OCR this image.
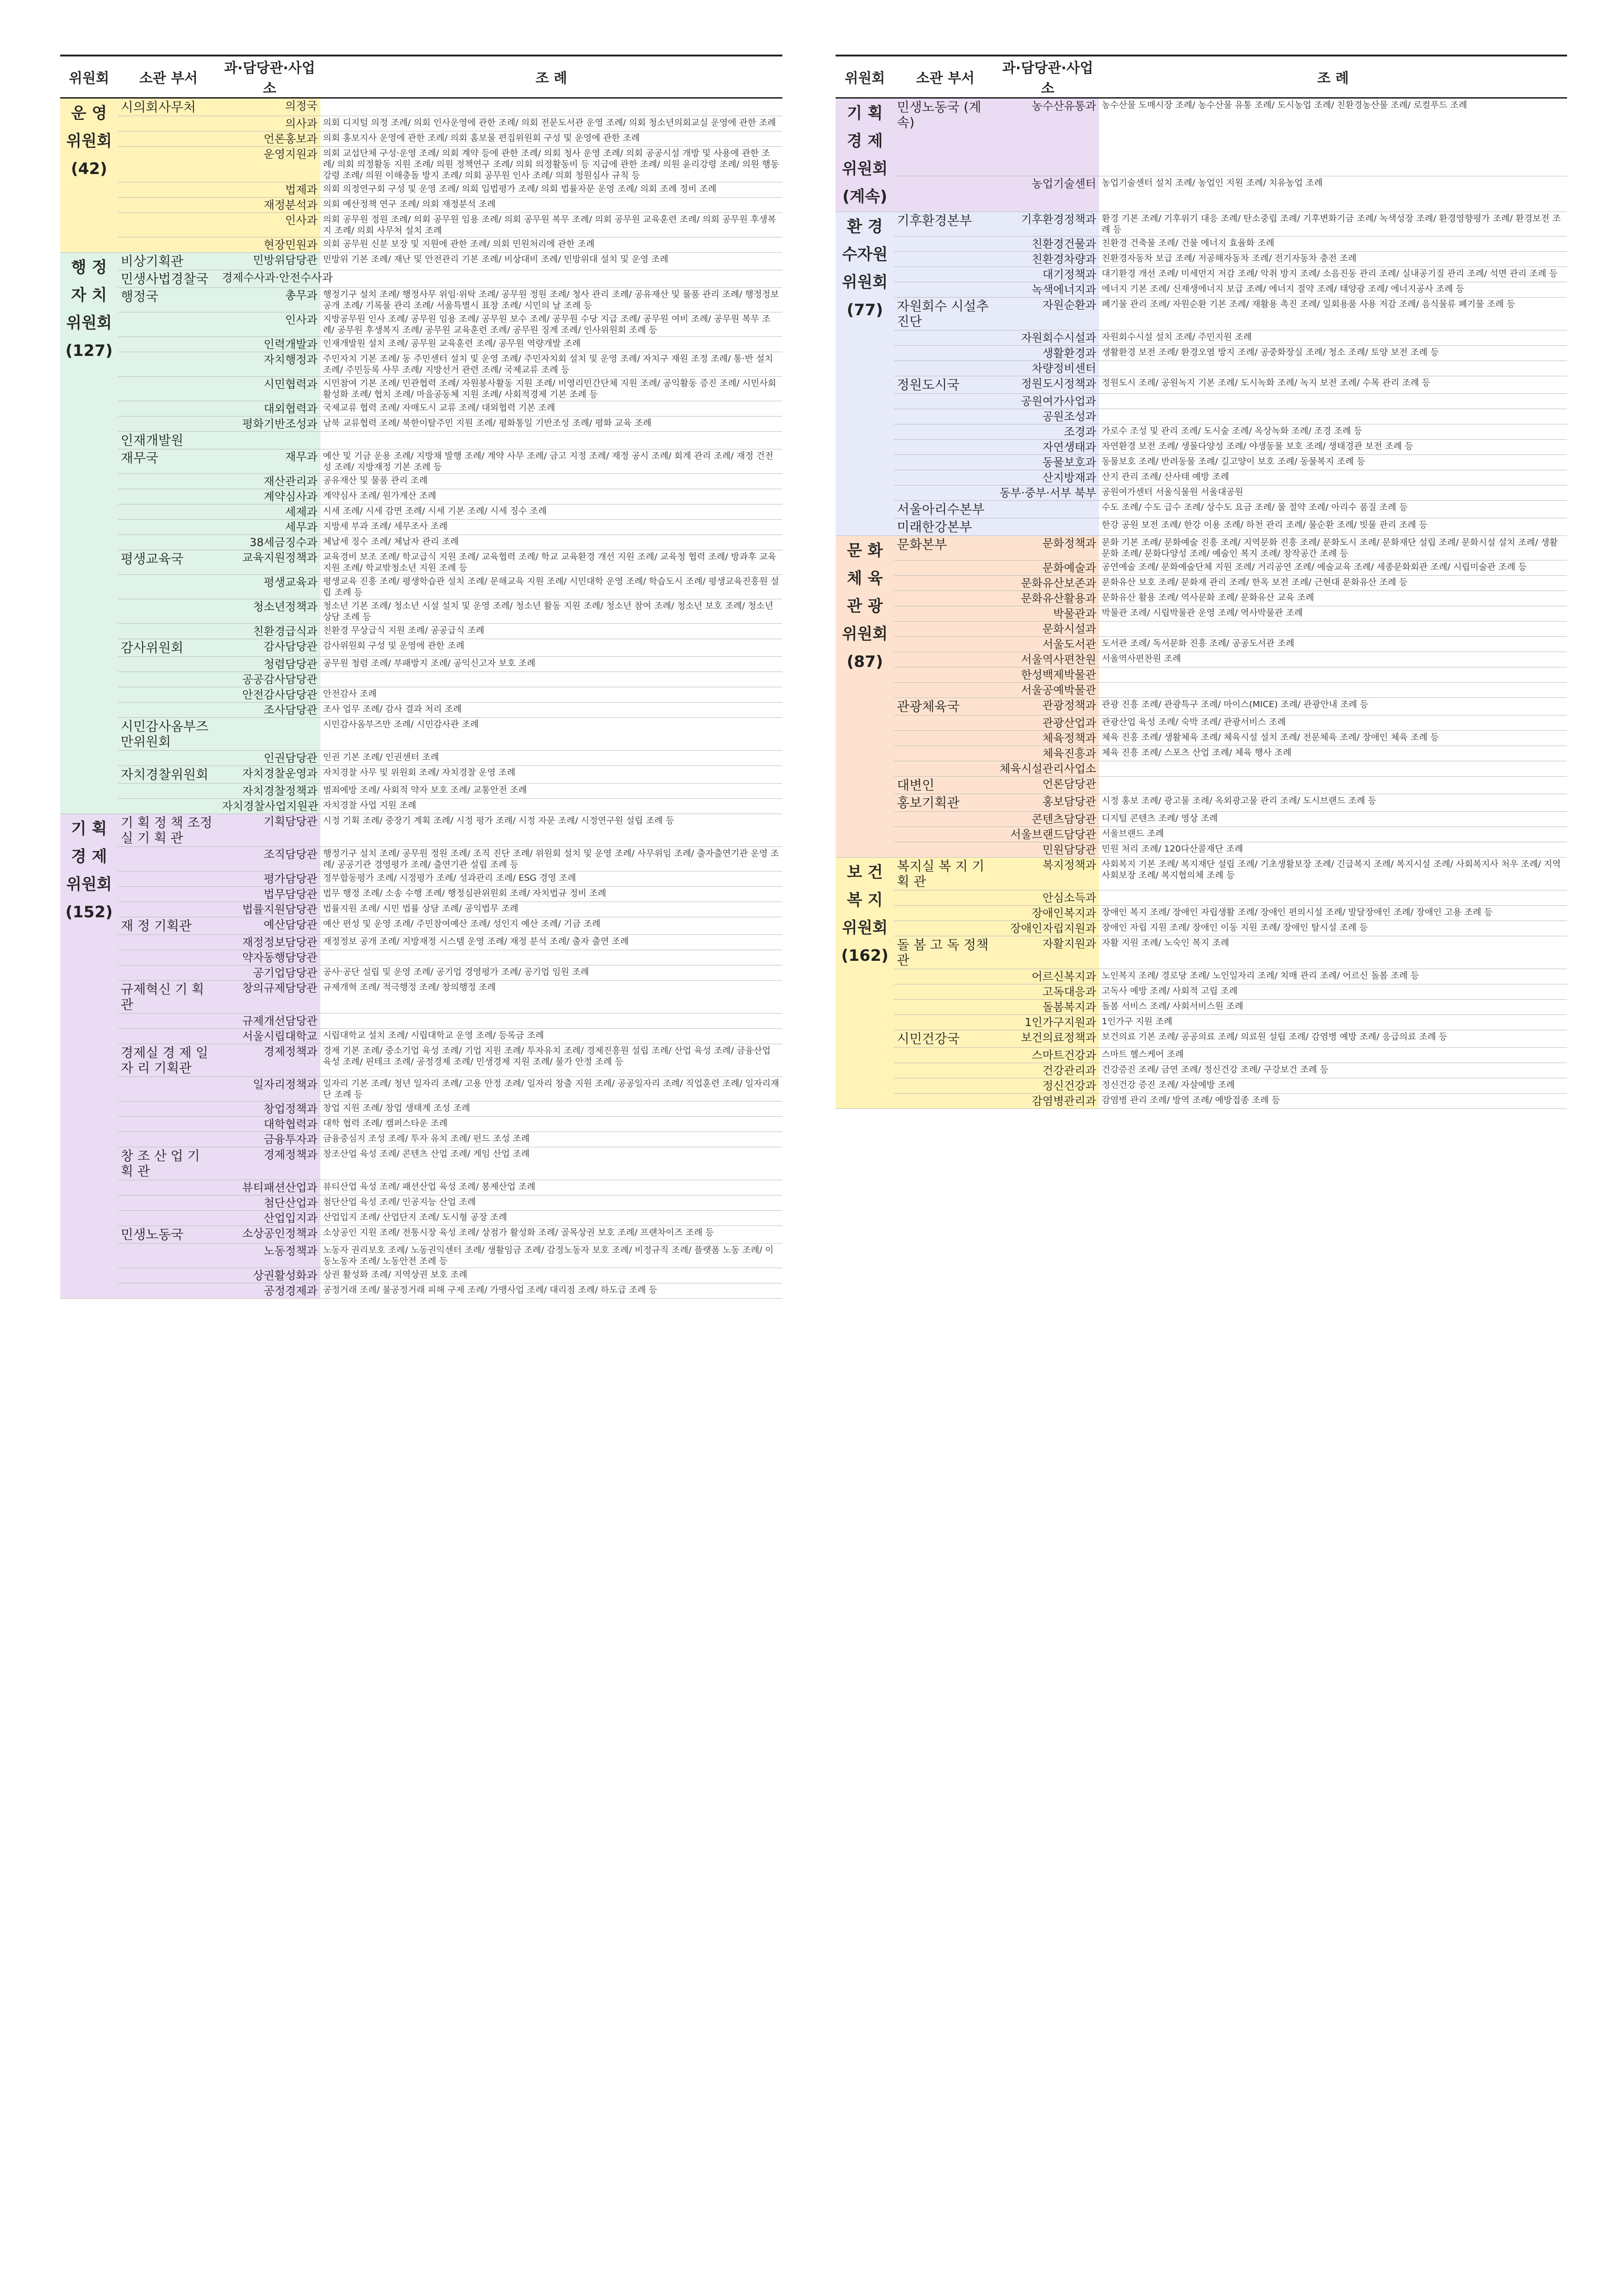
위원회	소관 부서	과·담당관·사업소	조 례
운 영 위원회 (42)	시의회사무처	의정국	
		의사과	의회 디지털 의정 조례/ 의회 인사운영에 관한 조례/ 의회 전문도서관 운영 조례/ 의회 청소년의회교실 운영에 관한 조례
		언론홍보과	의회 홍보지사 운영에 관한 조례/ 의회 홈보물 편집위원회 구성 및 운영에 관한 조례
		운영지원과	의회 교섭단체 구성·운영 조례/ 의회 계약 등에 관한 조례/ 의회 청사 운영 조례/ 의회 공공시설 개방 및 사용에 관한 조례/ 의회 의정활동 지원 조례/ 의원 정책연구 조례/ 의회 의정활동비 등 지급에 관한 조례/ 의원 윤리강령 조례/ 의원 행동강령 조례/ 의원 이해충돌 방지 조례/ 의회 공무원 인사 조례/ 의회 청원심사 규칙 등
		법제과	의회 의정연구회 구성 및 운영 조례/ 의회 입법평가 조례/ 의회 법률자문 운영 조례/ 의회 조례 정비 조례
		재정분석과	의회 예산정책 연구 조례/ 의회 재정분석 조례
		인사과	의회 공무원 정원 조례/ 의회 공무원 임용 조례/ 의회 공무원 복무 조례/ 의회 공무원 교육훈련 조례/ 의회 공무원 후생복지 조례/ 의회 사무처 설치 조례
		현장민원과	의회 공무원 신분 보장 및 지원에 관한 조례/ 의회 민원처리에 관한 조례
행 정 자 치 위원회 (127)	비상기획관	민방위담당관	민방위 기본 조례/ 재난 및 안전관리 기본 조례/ 비상대비 조례/ 민방위대 설치 및 운영 조례
	민생사법경찰국	경제수사과·안전수사과	
	행정국	총무과	행정기구 설치 조례/ 행정사무 위임·위탁 조례/ 공무원 정원 조례/ 청사 관리 조례/ 공유재산 및 물품 관리 조례/ 행정정보 공개 조례/ 기록물 관리 조례/ 서울특별시 표창 조례/ 시민의 날 조례 등
		인사과	지방공무원 인사 조례/ 공무원 임용 조례/ 공무원 보수 조례/ 공무원 수당 지급 조례/ 공무원 여비 조례/ 공무원 복무 조례/ 공무원 후생복지 조례/ 공무원 교육훈련 조례/ 공무원 징계 조례/ 인사위원회 조례 등
		인력개발과	인재개발원 설치 조례/ 공무원 교육훈련 조례/ 공무원 역량개발 조례
		자치행정과	주민자치 기본 조례/ 동 주민센터 설치 및 운영 조례/ 주민자치회 설치 및 운영 조례/ 자치구 재원 조정 조례/ 통·반 설치 조례/ 주민등록 사무 조례/ 지방선거 관련 조례/ 국제교류 조례 등
		시민협력과	시민참여 기본 조례/ 민관협력 조례/ 자원봉사활동 지원 조례/ 비영리민간단체 지원 조례/ 공익활동 증진 조례/ 시민사회 활성화 조례/ 협치 조례/ 마을공동체 지원 조례/ 사회적경제 기본 조례 등
		대외협력과	국제교류 협력 조례/ 자매도시 교류 조례/ 대외협력 기본 조례
		평화기반조성과	남북 교류협력 조례/ 북한이탈주민 지원 조례/ 평화통일 기반조성 조례/ 평화 교육 조례
	인재개발원		
	재무국	재무과	예산 및 기금 운용 조례/ 지방채 발행 조례/ 계약 사무 조례/ 금고 지정 조례/ 재정 공시 조례/ 회계 관리 조례/ 재정 건전성 조례/ 지방재정 기본 조례 등
		재산관리과	공유재산 및 물품 관리 조례
		계약심사과	계약심사 조례/ 원가계산 조례
		세제과	시세 조례/ 시세 감면 조례/ 시세 기본 조례/ 시세 징수 조례
		세무과	지방세 부과 조례/ 세무조사 조례
		38세금징수과	체납세 징수 조례/ 체납자 관리 조례
	평생교육국	교육지원정책과	교육경비 보조 조례/ 학교급식 지원 조례/ 교육협력 조례/ 학교 교육환경 개선 지원 조례/ 교육청 협력 조례/ 방과후 교육 지원 조례/ 학교밖청소년 지원 조례 등
		평생교육과	평생교육 진흥 조례/ 평생학습관 설치 조례/ 문해교육 지원 조례/ 시민대학 운영 조례/ 학습도시 조례/ 평생교육진흥원 설립 조례 등
		청소년정책과	청소년 기본 조례/ 청소년 시설 설치 및 운영 조례/ 청소년 활동 지원 조례/ 청소년 참여 조례/ 청소년 보호 조례/ 청소년 상담 조례 등
		친환경급식과	친환경 무상급식 지원 조례/ 공공급식 조례
	감사위원회	감사담당관	감사위원회 구성 및 운영에 관한 조례
		청렴담당관	공무원 청렴 조례/ 부패방지 조례/ 공익신고자 보호 조례
		공공감사담당관	
		안전감사담당관	안전감사 조례
		조사담당관	조사 업무 조례/ 감사 결과 처리 조례
	시민감사옴부즈만위원회		시민감사옴부즈만 조례/ 시민감사관 조례
		인권담당관	인권 기본 조례/ 인권센터 조례
	자치경찰위원회	자치경찰운영과	자치경찰 사무 및 위원회 조례/ 자치경찰 운영 조례
		자치경찰정책과	범죄예방 조례/ 사회적 약자 보호 조례/ 교통안전 조례
		자치경찰사업지원관	자치경찰 사업 지원 조례
기 획 경 제 위원회 (152)	기 획 정 책 조정실 기 획 관	기획담당관	시정 기획 조례/ 중장기 계획 조례/ 시정 평가 조례/ 시정 자문 조례/ 시정연구원 설립 조례 등
		조직담당관	행정기구 설치 조례/ 공무원 정원 조례/ 조직 진단 조례/ 위원회 설치 및 운영 조례/ 사무위임 조례/ 출자출연기관 운영 조례/ 공공기관 경영평가 조례/ 출연기관 설립 조례 등
		평가담당관	정부합동평가 조례/ 시정평가 조례/ 성과관리 조례/ ESG 경영 조례
		법무담당관	법무 행정 조례/ 소송 수행 조례/ 행정심판위원회 조례/ 자치법규 정비 조례
		법률지원담당관	법률지원 조례/ 시민 법률 상담 조례/ 공익법무 조례
	재 정 기획관	예산담당관	예산 편성 및 운영 조례/ 주민참여예산 조례/ 성인지 예산 조례/ 기금 조례
		재정정보담당관	재정정보 공개 조례/ 지방재정 시스템 운영 조례/ 재정 분석 조례/ 출자 출연 조례
		약자동행담당관	
		공기업담당관	공사·공단 설립 및 운영 조례/ 공기업 경영평가 조례/ 공기업 임원 조례
	규제혁신 기 획 관	창의규제담당관	규제개혁 조례/ 적극행정 조례/ 창의행정 조례
		규제개선담당관	
		서울시립대학교	시립대학교 설치 조례/ 시립대학교 운영 조례/ 등록금 조례
	경제실 경 제 일 자 리 기획관	경제정책과	경제 기본 조례/ 중소기업 육성 조례/ 기업 지원 조례/ 투자유치 조례/ 경제진흥원 설립 조례/ 산업 육성 조례/ 금융산업 육성 조례/ 핀테크 조례/ 공정경제 조례/ 민생경제 지원 조례/ 물가 안정 조례 등
		일자리정책과	일자리 기본 조례/ 청년 일자리 조례/ 고용 안정 조례/ 일자리 창출 지원 조례/ 공공일자리 조례/ 직업훈련 조례/ 일자리재단 조례 등
		창업정책과	창업 지원 조례/ 창업 생태계 조성 조례
		대학협력과	대학 협력 조례/ 캠퍼스타운 조례
		금융투자과	금융중심지 조성 조례/ 투자 유치 조례/ 펀드 조성 조례
	창 조 산 업 기 획 관	경제정책과	창조산업 육성 조례/ 콘텐츠 산업 조례/ 게임 산업 조례
		뷰티패션산업과	뷰티산업 육성 조례/ 패션산업 육성 조례/ 봉제산업 조례
		첨단산업과	첨단산업 육성 조례/ 인공지능 산업 조례
		산업입지과	산업입지 조례/ 산업단지 조례/ 도시형 공장 조례
	민생노동국	소상공인정책과	소상공인 지원 조례/ 전통시장 육성 조례/ 상점가 활성화 조례/ 골목상권 보호 조례/ 프랜차이즈 조례 등
		노동정책과	노동자 권리보호 조례/ 노동권익센터 조례/ 생활임금 조례/ 감정노동자 보호 조례/ 비정규직 조례/ 플랫폼 노동 조례/ 이동노동자 조례/ 노동안전 조례 등
		상권활성화과	상권 활성화 조례/ 지역상권 보호 조례
		공정경제과	공정거래 조례/ 불공정거래 피해 구제 조례/ 가맹사업 조례/ 대리점 조례/ 하도급 조례 등
위원회	소관 부서	과·담당관·사업소	조 례
기 획 경 제 위원회 (계속)	민생노동국 (계속)	농수산유통과	농수산물 도매시장 조례/ 농수산물 유통 조례/ 도시농업 조례/ 친환경농산물 조례/ 로컬푸드 조례
		농업기술센터	농업기술센터 설치 조례/ 농업인 지원 조례/ 치유농업 조례
환 경 수자원 위원회 (77)	기후환경본부	기후환경정책과	환경 기본 조례/ 기후위기 대응 조례/ 탄소중립 조례/ 기후변화기금 조례/ 녹색성장 조례/ 환경영향평가 조례/ 환경보전 조례 등
		친환경건물과	친환경 건축물 조례/ 건물 에너지 효율화 조례
		친환경차량과	친환경자동차 보급 조례/ 저공해자동차 조례/ 전기자동차 충전 조례
		대기정책과	대기환경 개선 조례/ 미세먼지 저감 조례/ 악취 방지 조례/ 소음진동 관리 조례/ 실내공기질 관리 조례/ 석면 관리 조례 등
		녹색에너지과	에너지 기본 조례/ 신재생에너지 보급 조례/ 에너지 절약 조례/ 태양광 조례/ 에너지공사 조례 등
	자원회수 시설추진단	자원순환과	폐기물 관리 조례/ 자원순환 기본 조례/ 재활용 촉진 조례/ 일회용품 사용 저감 조례/ 음식물류 폐기물 조례 등
		자원회수시설과	자원회수시설 설치 조례/ 주민지원 조례
		생활환경과	생활환경 보전 조례/ 환경오염 방지 조례/ 공중화장실 조례/ 청소 조례/ 토양 보전 조례 등
		차량정비센터	
	정원도시국	정원도시정책과	정원도시 조례/ 공원녹지 기본 조례/ 도시녹화 조례/ 녹지 보전 조례/ 수목 관리 조례 등
		공원여가사업과	
		공원조성과	
		조경과	가로수 조성 및 관리 조례/ 도시숲 조례/ 옥상녹화 조례/ 조경 조례 등
		자연생태과	자연환경 보전 조례/ 생물다양성 조례/ 야생동물 보호 조례/ 생태경관 보전 조례 등
		동물보호과	동물보호 조례/ 반려동물 조례/ 길고양이 보호 조례/ 동물복지 조례 등
		산지방재과	산지 관리 조례/ 산사태 예방 조례
		동부·중부·서부 북부	공원여가센터 서울식물원 서울대공원
	서울아리수본부		수도 조례/ 수도 급수 조례/ 상수도 요금 조례/ 물 절약 조례/ 아리수 품질 조례 등
	미래한강본부		한강 공원 보전 조례/ 한강 이용 조례/ 하천 관리 조례/ 물순환 조례/ 빗물 관리 조례 등
문 화 체 육 관 광 위원회 (87)	문화본부	문화정책과	문화 기본 조례/ 문화예술 진흥 조례/ 지역문화 진흥 조례/ 문화도시 조례/ 문화재단 설립 조례/ 문화시설 설치 조례/ 생활문화 조례/ 문화다양성 조례/ 예술인 복지 조례/ 창작공간 조례 등
		문화예술과	공연예술 조례/ 문화예술단체 지원 조례/ 거리공연 조례/ 예술교육 조례/ 세종문화회관 조례/ 시립미술관 조례 등
		문화유산보존과	문화유산 보호 조례/ 문화재 관리 조례/ 한옥 보전 조례/ 근현대 문화유산 조례 등
		문화유산활용과	문화유산 활용 조례/ 역사문화 조례/ 문화유산 교육 조례
		박물관과	박물관 조례/ 시립박물관 운영 조례/ 역사박물관 조례
		문화시설과	
		서울도서관	도서관 조례/ 독서문화 진흥 조례/ 공공도서관 조례
		서울역사편찬원	서울역사편찬원 조례
		한성백제박물관	
		서울공예박물관	
	관광체육국	관광정책과	관광 진흥 조례/ 관광특구 조례/ 마이스(MICE) 조례/ 관광안내 조례 등
		관광산업과	관광산업 육성 조례/ 숙박 조례/ 관광서비스 조례
		체육정책과	체육 진흥 조례/ 생활체육 조례/ 체육시설 설치 조례/ 전문체육 조례/ 장애인 체육 조례 등
		체육진흥과	체육 진흥 조례/ 스포츠 산업 조례/ 체육 행사 조례
		체육시설관리사업소	
	대변인	언론담당관	
	홍보기획관	홍보담당관	시정 홍보 조례/ 광고물 조례/ 옥외광고물 관리 조례/ 도시브랜드 조례 등
		콘텐츠담당관	디지털 콘텐츠 조례/ 영상 조례
		서울브랜드담당관	서울브랜드 조례
		민원담당관	민원 처리 조례/ 120다산콜재단 조례
보 건 복 지 위원회 (162)	복지실 복 지 기 획 관	복지정책과	사회복지 기본 조례/ 복지재단 설립 조례/ 기초생활보장 조례/ 긴급복지 조례/ 복지시설 조례/ 사회복지사 처우 조례/ 지역사회보장 조례/ 복지협의체 조례 등
		안심소득과	
		장애인복지과	장애인 복지 조례/ 장애인 자립생활 조례/ 장애인 편의시설 조례/ 발달장애인 조례/ 장애인 고용 조례 등
		장애인자립지원과	장애인 자립 지원 조례/ 장애인 이동 지원 조례/ 장애인 탈시설 조례 등
	돌 봄 고 독 정책관	자활지원과	자활 지원 조례/ 노숙인 복지 조례
		어르신복지과	노인복지 조례/ 경로당 조례/ 노인일자리 조례/ 치매 관리 조례/ 어르신 돌봄 조례 등
		고독대응과	고독사 예방 조례/ 사회적 고립 조례
		돌봄복지과	돌봄 서비스 조례/ 사회서비스원 조례
		1인가구지원과	1인가구 지원 조례
	시민건강국	보건의료정책과	보건의료 기본 조례/ 공공의료 조례/ 의료원 설립 조례/ 감염병 예방 조례/ 응급의료 조례 등
		스마트건강과	스마트 헬스케어 조례
		건강관리과	건강증진 조례/ 금연 조례/ 정신건강 조례/ 구강보건 조례 등
		정신건강과	정신건강 증진 조례/ 자살예방 조례
		감염병관리과	감염병 관리 조례/ 방역 조례/ 예방접종 조례 등
